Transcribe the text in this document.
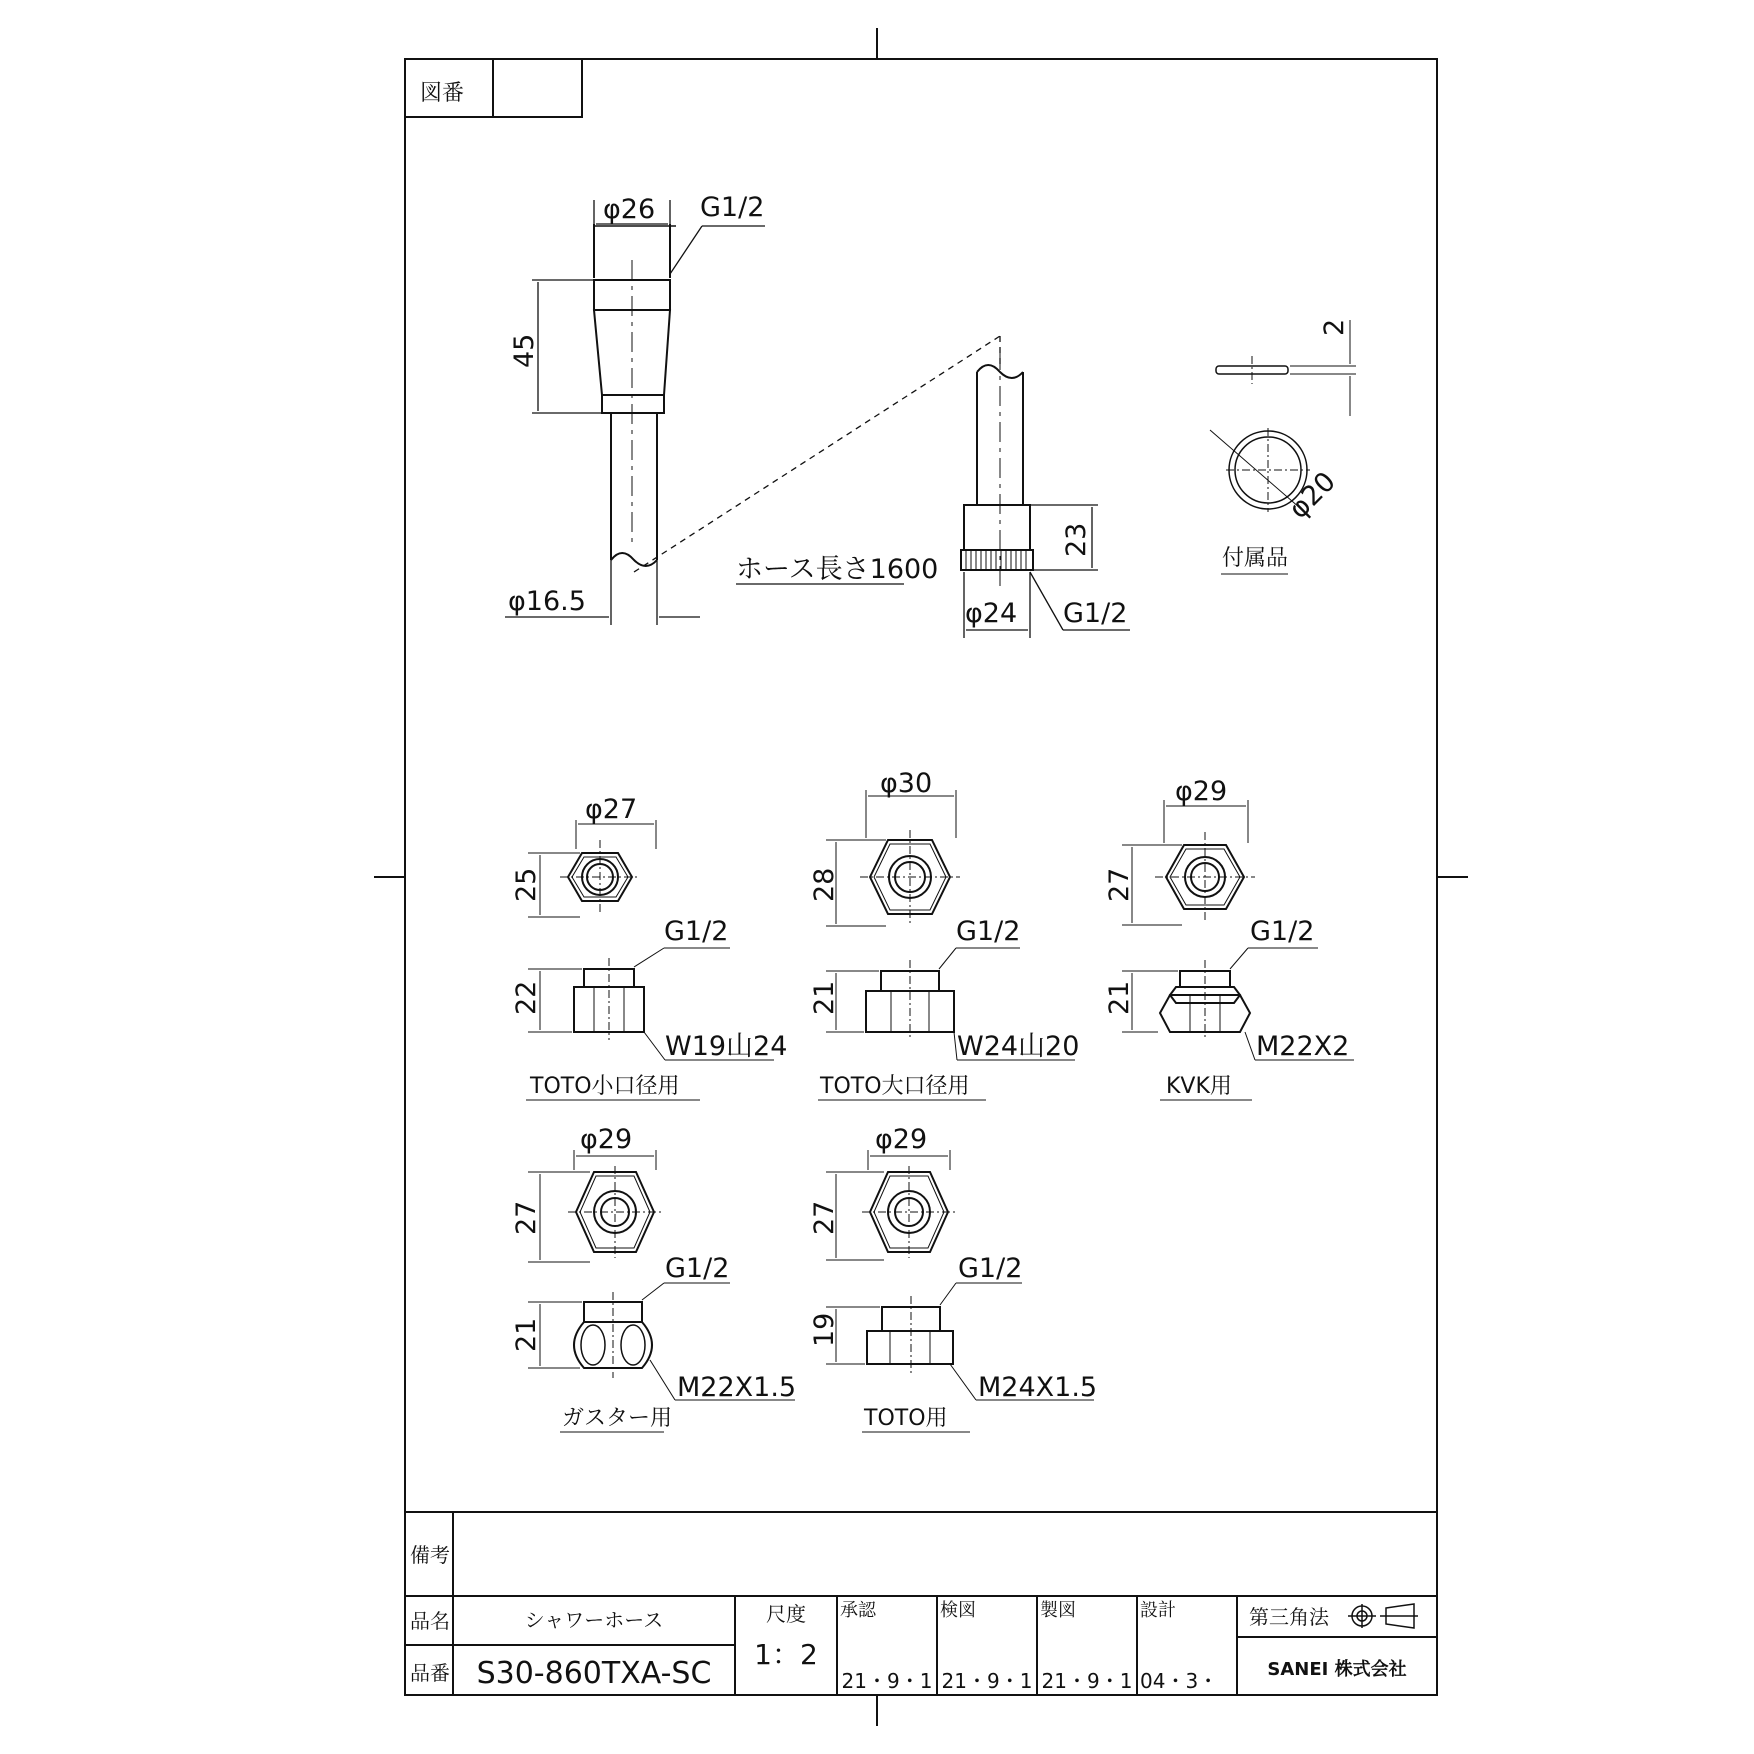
図番
φ26 G1/2
45
φ16.5
ホース長さ1600
23
φ24 G1/2
2
φ20
付属品
φ27
25
G1/2
22
W19山24
TOTO小口径用
φ30
28
G1/2
21
W24山20
TOTO大口径用
φ29
27
G1/2
21
M22X2
KVK用
φ29
27
G1/2
21
M22X1.5
ガスター用
φ29
27
G1/2
19
M24X1.5
TOTO用
備考
品名	シャワーホース
品番 S30-860TXA-SC
尺度
1：2
承認
21・9・1
検図
21・9・1
製図
21・9・1
設計
04・3・
第三角法
SANEI 株式会社
